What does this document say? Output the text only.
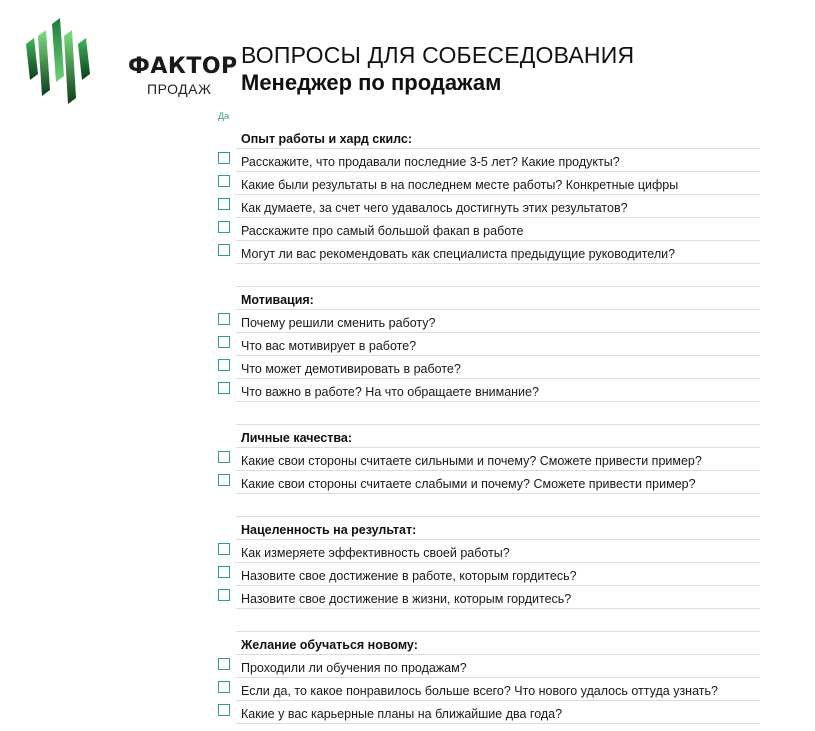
ФАКТОР
ПРОДАЖ
ВОПРОСЫ ДЛЯ СОБЕСЕДОВАНИЯ
Менеджер по продажам
Да
Опыт работы и хард скилс:
Расскажите, что продавали последние 3-5 лет? Какие продукты?
Какие были результаты в на последнем месте работы? Конкретные цифры
Как думаете, за счет чего удавалось достигнуть этих результатов?
Расскажите про самый большой факап в работе
Могут ли вас рекомендовать как специалиста предыдущие руководители?
Мотивация:
Почему решили сменить работу?
Что вас мотивирует в работе?
Что может демотивировать в работе?
Что важно в работе? На что обращаете внимание?
Личные качества:
Какие свои стороны считаете сильными и почему? Сможете привести пример?
Какие свои стороны считаете слабыми и почему? Сможете привести пример?
Нацеленность на результат:
Как измеряете эффективность своей работы?
Назовите свое достижение в работе, которым гордитесь?
Назовите свое достижение в жизни, которым гордитесь?
Желание обучаться новому:
Проходили ли обучения по продажам?
Если да, то какое понравилось больше всего? Что нового удалось оттуда узнать?
Какие у вас карьерные планы на ближайшие два года?
